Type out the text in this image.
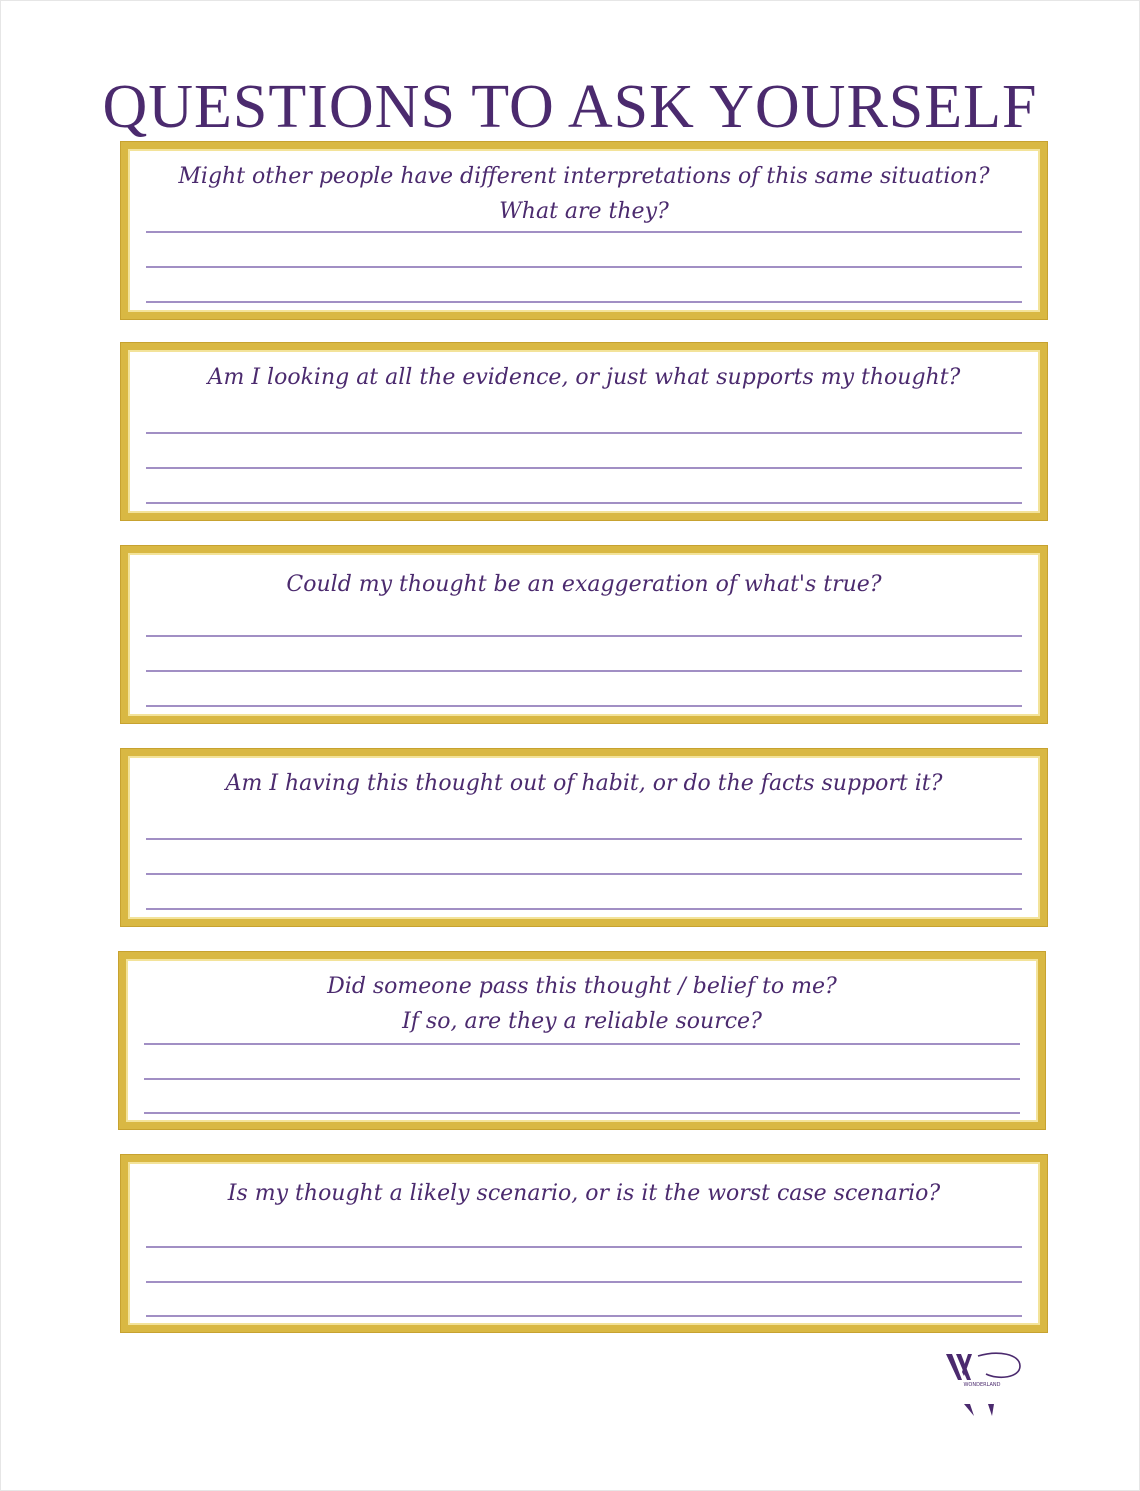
QUESTIONS TO ASK YOURSELF
Might other people have different interpretations of this same situation?
What are they?
Am I looking at all the evidence, or just what supports my thought?
Could my thought be an exaggeration of what's true?
Am I having this thought out of habit, or do the facts support it?
Did someone pass this thought / belief to me?
If so, are they a reliable source?
Is my thought a likely scenario, or is it the worst case scenario?
WONDERLAND
